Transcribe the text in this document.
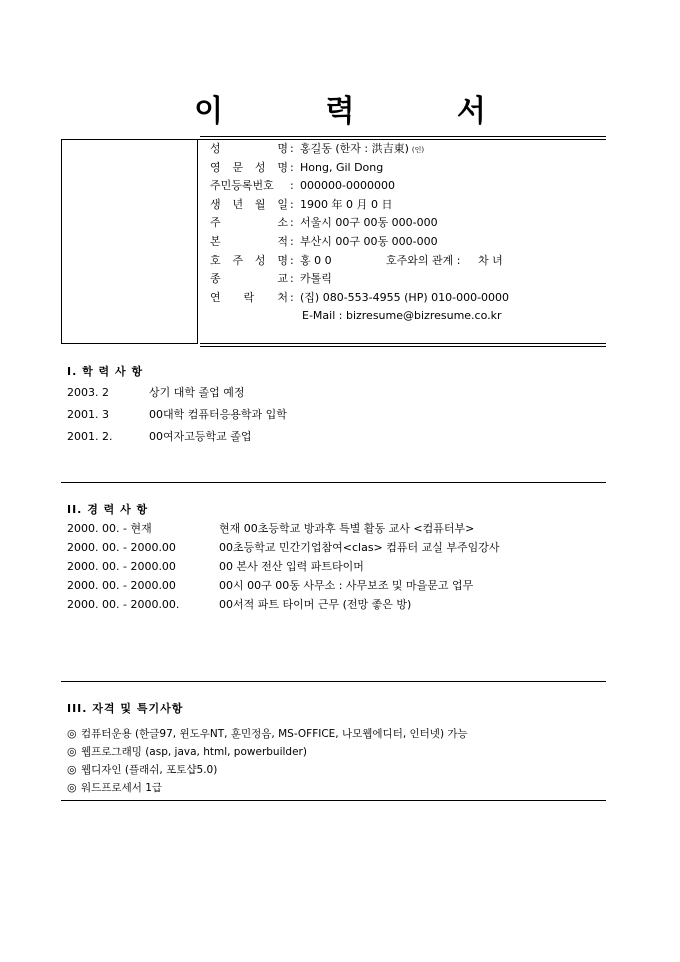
이 력 서
성	명 : 홍길동 (한자 : 洪吉東) (인)
영 문 성 명 : Hong, Gil Dong
주민등록번호	: 000000-0000000
생 년 월 일 : 1900 年 0 月 0 日
주	소 : 서울시 00구 00동 000-000
본	적 : 부산시 00구 00동 000-000
호 주 성 명 : 홍 0 0	호주와의 관계 : 차 녀
종	교 : 카톨릭
연 락 처 : (집) 080-553-4955 (HP) 010-000-0000
E-Mail : bizresume@bizresume.co.kr
I. 학 력 사 항
2003. 2	상기 대학 졸업 예정
2001. 3	00대학 컴퓨터응용학과 입학
2001. 2.	00여자고등학교 졸업
II. 경 력 사 항
2000. 00. - 현재	현재 00초등학교 방과후 특별 활동 교사 <컴퓨터부>
2000. 00. - 2000.00	00초등학교 민간기업참여<clas> 컴퓨터 교실 부주임강사
2000. 00. - 2000.00	00 본사 전산 입력 파트타이머
2000. 00. - 2000.00	00시 00구 00동 사무소 : 사무보조 및 마을문고 업무
2000. 00. - 2000.00.	00서적 파트 타이머 근무 (전망 좋은 방)
III. 자격 및 특기사항
◎ 컴퓨터운용 (한글97, 윈도우NT, 훈민정음, MS-OFFICE, 나모웹에디터, 인터넷) 가능
◎ 웹프로그래밍 (asp, java, html, powerbuilder)
◎ 웹디자인 (플래쉬, 포토샵5.0)
◎ 워드프로세서 1급
